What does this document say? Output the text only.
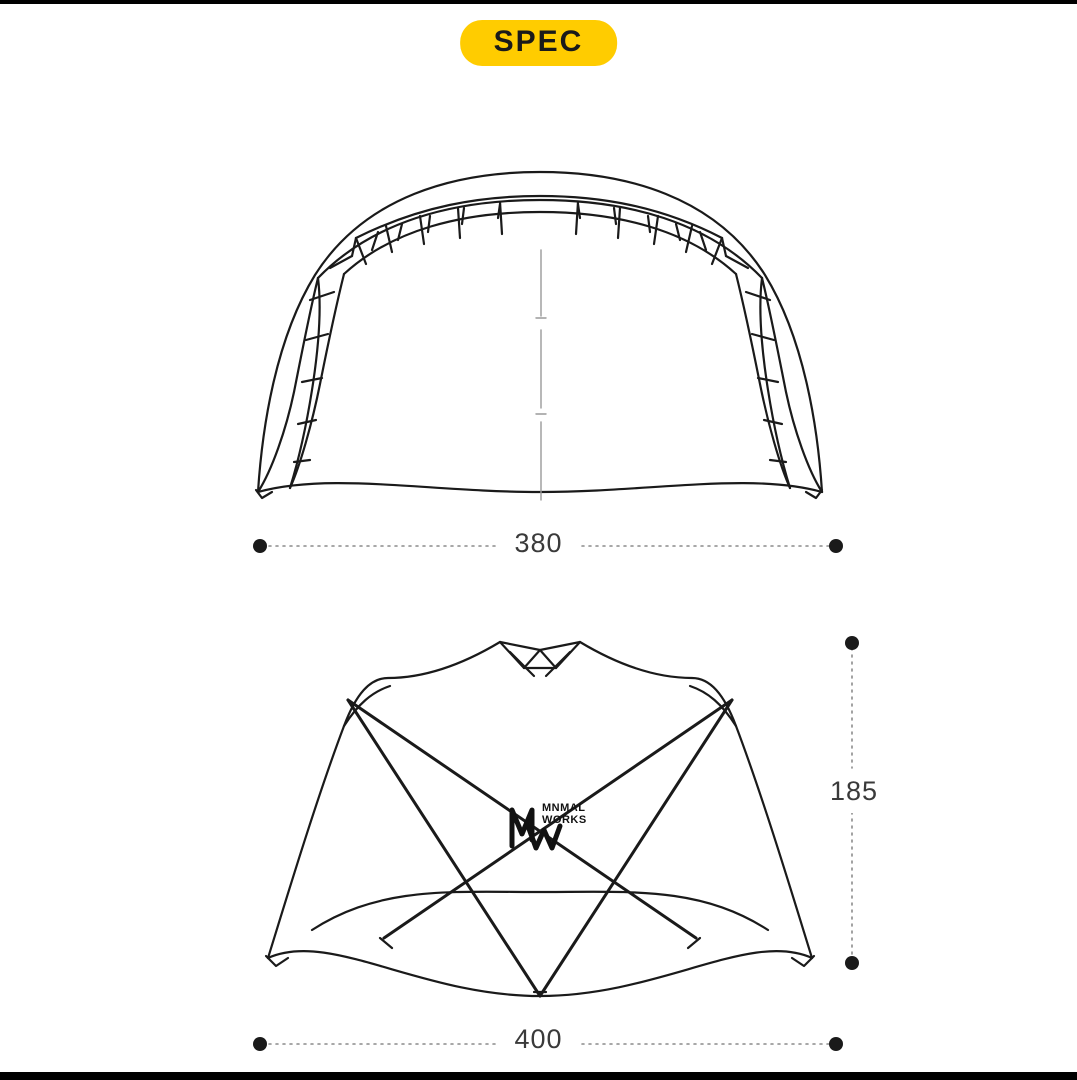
SPEC
380
400
185
MNMAL
WORKS
